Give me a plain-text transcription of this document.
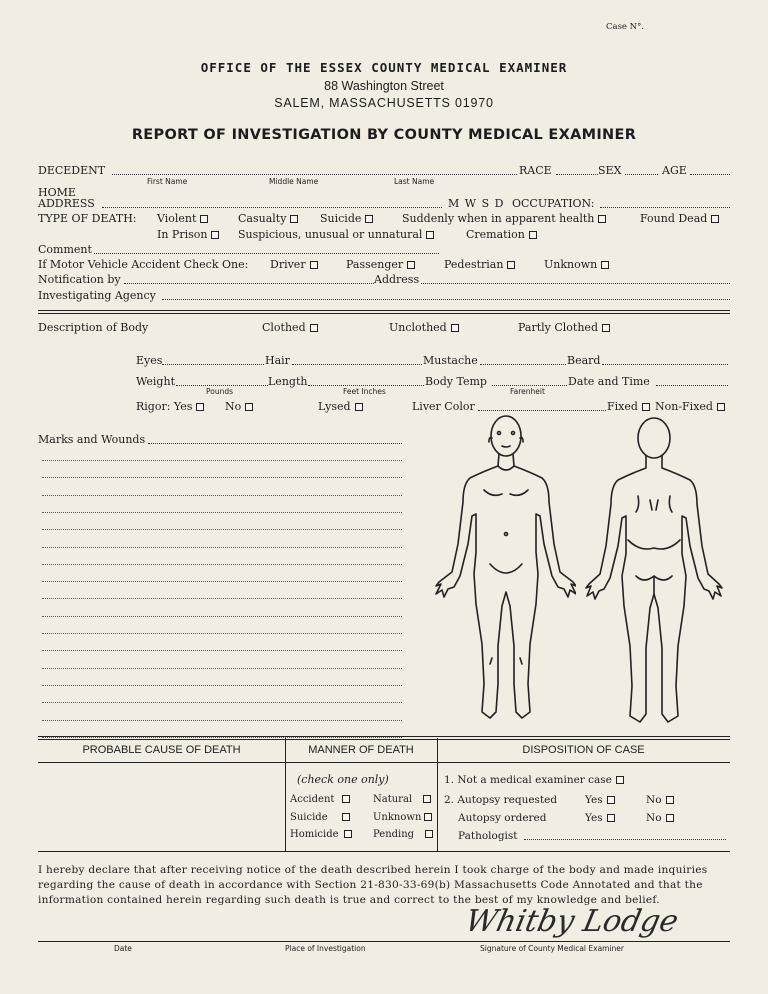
Case N°.
OFFICE OF THE ESSEX COUNTY MEDICAL EXAMINER
88 Washington Street
SALEM, MASSACHUSETTS 01970
REPORT OF INVESTIGATION BY COUNTY MEDICAL EXAMINER
DECEDENT
First Name	Middle Name	Last Name
RACE	SEX	AGE
HOME
ADDRESS	M W S D OCCUPATION:
TYPE OF DEATH: Violent	Casualty	Suicide	Suddenly when in apparent health	Found Dead
In Prison	Suspicious, unusual or unnatural	Cremation
Comment
If Motor Vehicle Accident Check One: Driver	Passenger	Pedestrian	Unknown
Notification by	Address
Investigating Agency
Description of Body	Clothed	Unclothed	Partly Clothed
Eyes	Hair	Mustache	Beard
Weight
Pounds
Length
Feet Inches
Body Temp
Farenheit
Date and Time
Rigor: Yes	No	Lysed	Liver Color	Fixed	Non-Fixed
Marks and Wounds
PROBABLE CAUSE OF DEATH	MANNER OF DEATH	DISPOSITION OF CASE
(check one only)
Accident	Natural
Suicide	Unknown
Homicide	Pending
1. Not a medical examiner case
2. Autopsy requested	Yes	No
Autopsy ordered	Yes	No
Pathologist
I hereby declare that after receiving notice of the death described herein I took charge of the body and made inquiries
regarding the cause of death in accordance with Section 21-830-33-69(b) Massachusetts Code Annotated and that the
information contained herein regarding such death is true and correct to the best of my knowledge and belief.
Whitby Lodge
Date	Place of Investigation	Signature of County Medical Examiner
